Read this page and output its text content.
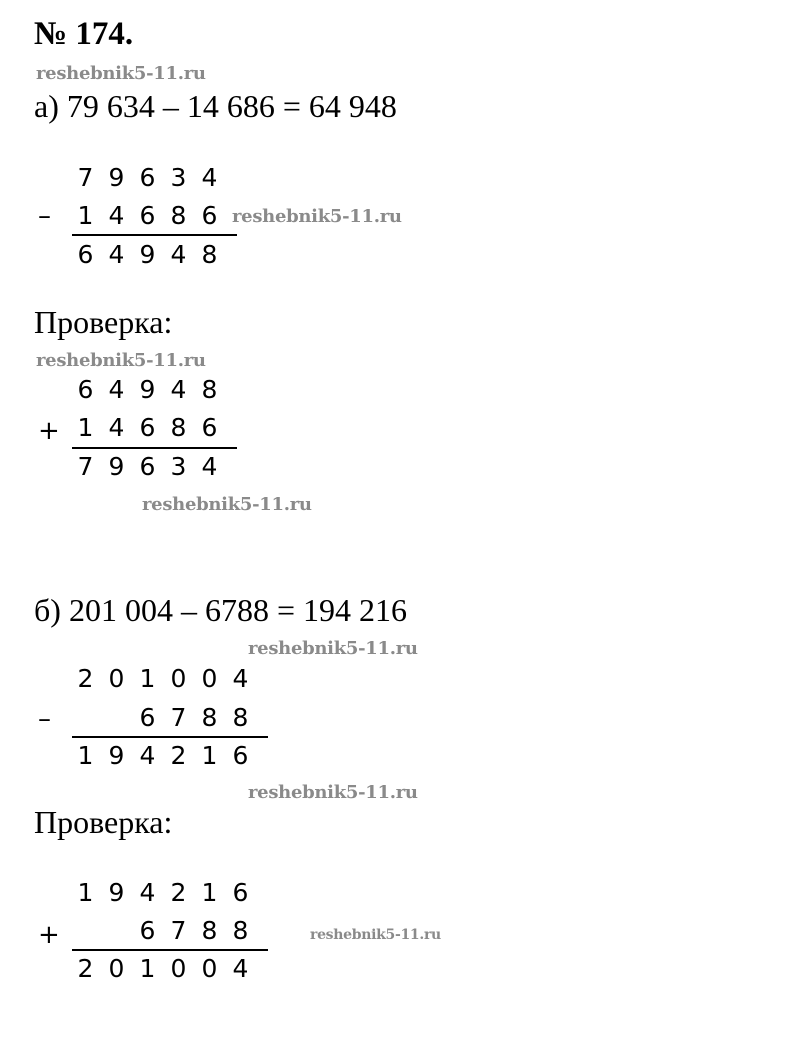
№ 174.
reshebnik5-11.ru
а) 79 634 – 14 686 = 64 948
7 9 6 3 4
–	1 4 6 8 6 reshebnik5-11.ru
6 4 9 4 8
Проверка:
reshebnik5-11.ru
6 4 9 4 8
+ 1 4 6 8 6
7 9 6 3 4
reshebnik5-11.ru
б) 201 004 – 6788 = 194 216
reshebnik5-11.ru
2 0 1 0 0 4
–	6 7 8 8
1 9 4 2 1 6
reshebnik5-11.ru
Проверка:
1 9 4 2 1 6
+	6 7 8 8	reshebnik5-11.ru
2 0 1 0 0 4
